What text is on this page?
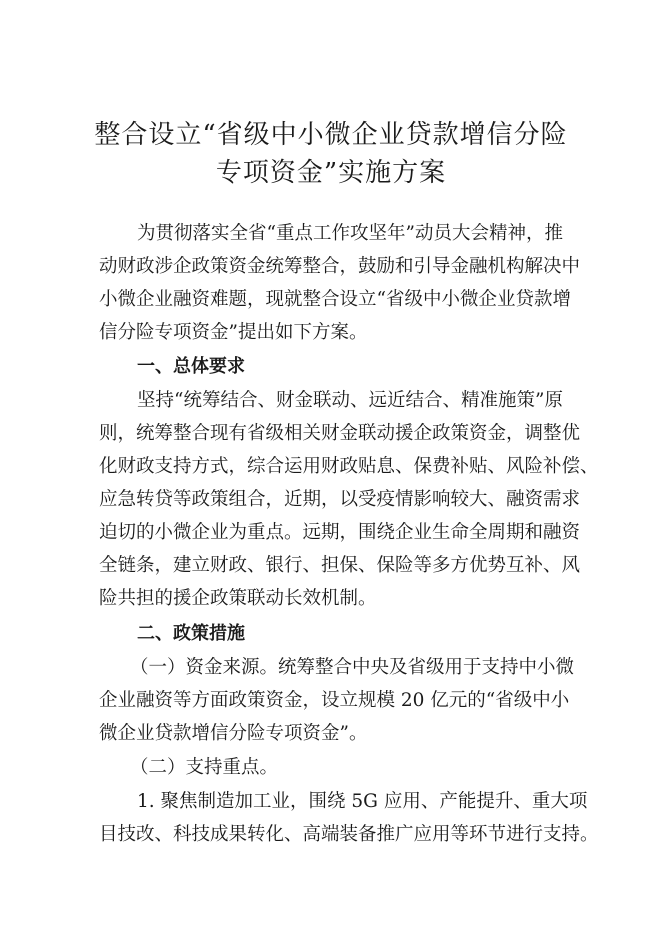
整合设立“省级中小微企业贷款增信分险
专项资金”实施方案
为贯彻落实全省“重点工作攻坚年”动员大会精神，推
动财政涉企政策资金统筹整合，鼓励和引导金融机构解决中
小微企业融资难题，现就整合设立“省级中小微企业贷款增
信分险专项资金”提出如下方案。
一、总体要求
坚持“统筹结合、财金联动、远近结合、精准施策”原
则，统筹整合现有省级相关财金联动援企政策资金，调整优
化财政支持方式，综合运用财政贴息、保费补贴、风险补偿、
应急转贷等政策组合，近期，以受疫情影响较大、融资需求
迫切的小微企业为重点。远期，围绕企业生命全周期和融资
全链条，建立财政、银行、担保、保险等多方优势互补、风
险共担的援企政策联动长效机制。
二、政策措施
（一）资金来源。统筹整合中央及省级用于支持中小微
企业融资等方面政策资金，设立规模 20 亿元的“省级中小
微企业贷款增信分险专项资金”。
（二）支持重点。
1. 聚焦制造加工业，围绕 5G 应用、产能提升、重大项
目技改、科技成果转化、高端装备推广应用等环节进行支持。
